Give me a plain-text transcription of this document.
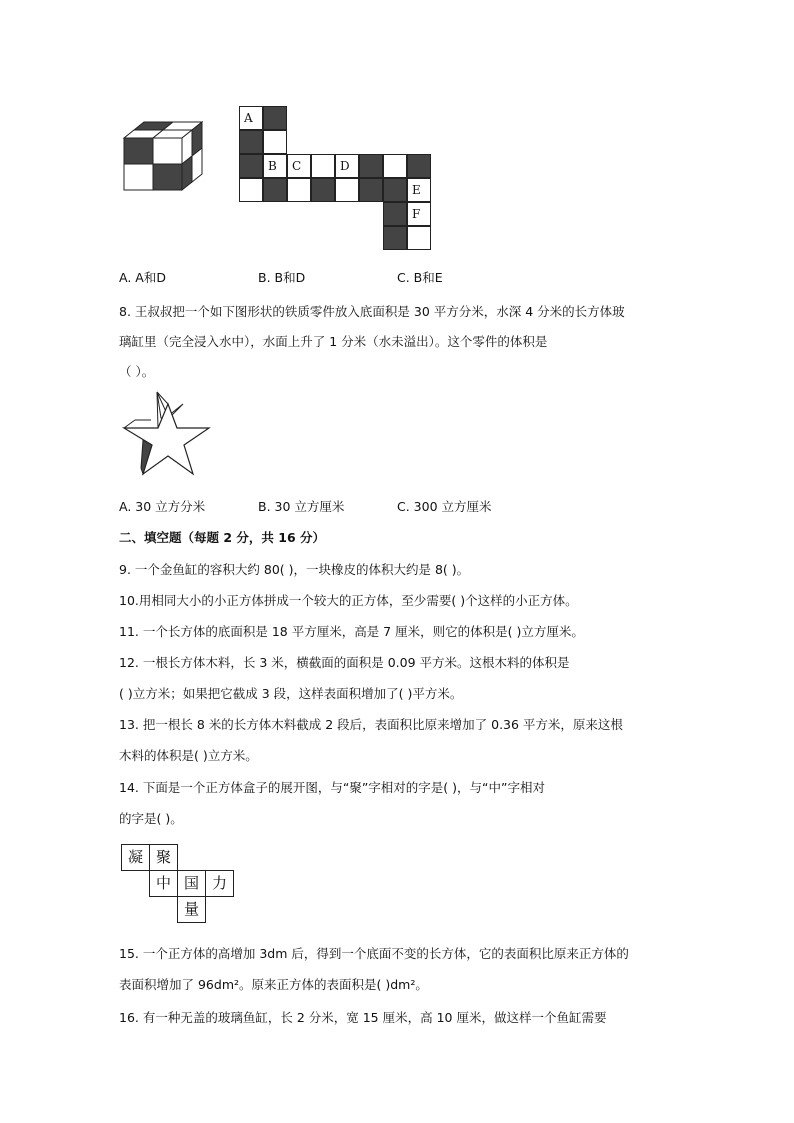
A
B	C	D
E
F
A. A和D	B. B和D	C. B和E
8. 王叔叔把一个如下图形状的铁质零件放入底面积是 30 平方分米，水深 4 分米的长方体玻
璃缸里（完全浸入水中），水面上升了 1 分米（水未溢出）。这个零件的体积是
（ ）。
A. 30 立方分米	B. 30 立方厘米	C. 300 立方厘米
二、填空题（每题 2 分，共 16 分）
9. 一个金鱼缸的容积大约 80( )，一块橡皮的体积大约是 8( )。
10.用相同大小的小正方体拼成一个较大的正方体，至少需要( )个这样的小正方体。
11. 一个长方体的底面积是 18 平方厘米，高是 7 厘米，则它的体积是( )立方厘米。
12. 一根长方体木料，长 3 米，横截面的面积是 0.09 平方米。这根木料的体积是
( )立方米；如果把它截成 3 段，这样表面积增加了( )平方米。
13. 把一根长 8 米的长方体木料截成 2 段后，表面积比原来增加了 0.36 平方米，原来这根
木料的体积是( )立方米。
14. 下面是一个正方体盒子的展开图，与“聚”字相对的字是( )，与“中”字相对
的字是( )。
凝 聚
中 国 力
量
15. 一个正方体的高增加 3dm 后，得到一个底面不变的长方体，它的表面积比原来正方体的
表面积增加了 96dm²。原来正方体的表面积是( )dm²。
16. 有一种无盖的玻璃鱼缸，长 2 分米，宽 15 厘米，高 10 厘米，做这样一个鱼缸需要
